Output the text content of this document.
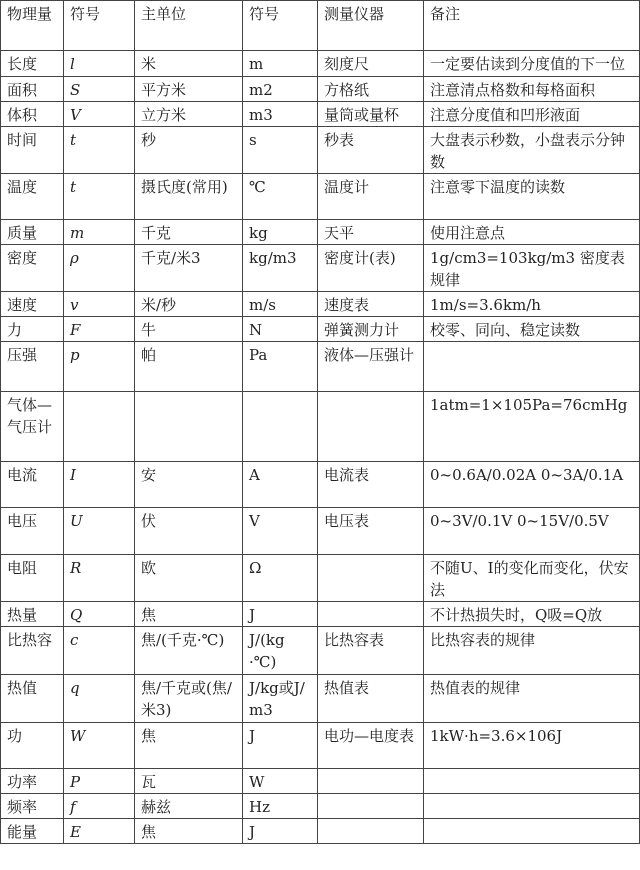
物理量	符号	主单位	符号	测量仪器	备注
长度	l	米	m	刻度尺	一定要估读到分度值的下一位
面积	S	平方米	m2	方格纸	注意清点格数和每格面积
体积	V	立方米	m3	量筒或量杯	注意分度值和凹形液面
时间	t	秒	s	秒表	大盘表示秒数，小盘表示分钟数
温度	t	摄氏度(常用)	℃	温度计	注意零下温度的读数
质量	m	千克	kg	天平	使用注意点
密度	ρ	千克/米3	kg/m3	密度计(表)	1g/cm3=103kg/m3 密度表规律
速度	v	米/秒	m/s	速度表	1m/s=3.6km/h
力	F	牛	N	弹簧测力计	校零、同向、稳定读数
压强	p	帕	Pa	液体—压强计	
气体—气压计					1atm=1×105Pa=76cmHg
电流	I	安	A	电流表	0~0.6A/0.02A 0~3A/0.1A
电压	U	伏	V	电压表	0~3V/0.1V 0~15V/0.5V
电阻	R	欧	Ω		不随U、I的变化而变化，伏安法
热量	Q	焦	J		不计热损失时，Q吸=Q放
比热容	c	焦/(千克·℃)	J/(kg·℃)	比热容表	比热容表的规律
热值	q	焦/千克或(焦/米3)	J/kg或J/m3	热值表	热值表的规律
功	W	焦	J	电功—电度表	1kW·h=3.6×106J
功率	P	瓦	W		
频率	f	赫兹	Hz		
能量	E	焦	J		
